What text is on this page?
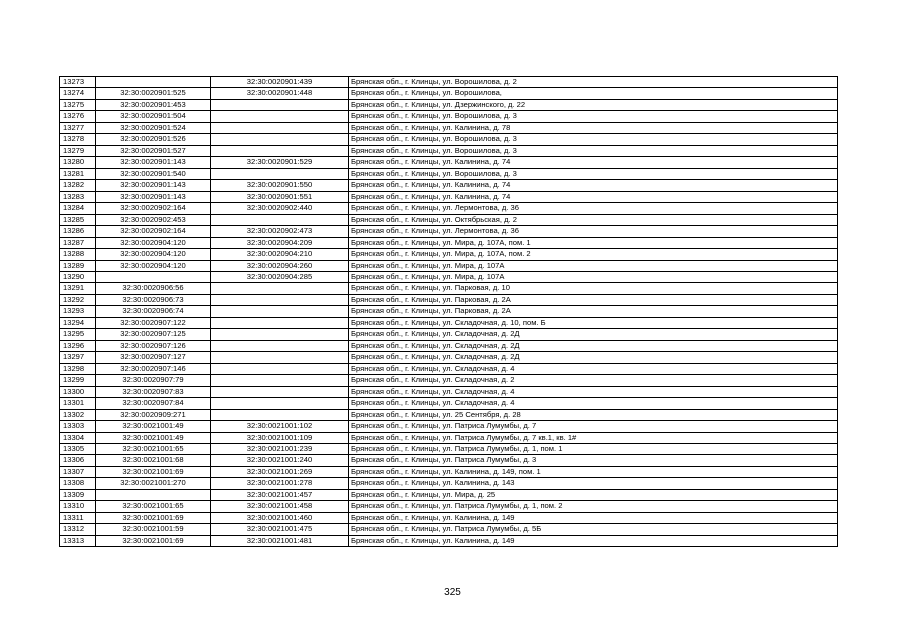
13273		32:30:0020901:439	Брянская обл., г. Клинцы, ул. Ворошилова, д. 2
13274	32:30:0020901:525	32:30:0020901:448	Брянская обл., г. Клинцы, ул. Ворошилова,
13275	32:30:0020901:453		Брянская обл., г. Клинцы, ул. Дзержинского, д. 22
13276	32:30:0020901:504		Брянская обл., г. Клинцы, ул. Ворошилова, д. 3
13277	32:30:0020901:524		Брянская обл., г. Клинцы, ул. Калинина, д. 78
13278	32:30:0020901:526		Брянская обл., г. Клинцы, ул. Ворошилова, д. 3
13279	32:30:0020901:527		Брянская обл., г. Клинцы, ул. Ворошилова, д. 3
13280	32:30:0020901:143	32:30:0020901:529	Брянская обл., г. Клинцы, ул. Калинина, д. 74
13281	32:30:0020901:540		Брянская обл., г. Клинцы, ул. Ворошилова, д. 3
13282	32:30:0020901:143	32:30:0020901:550	Брянская обл., г. Клинцы, ул. Калинина, д. 74
13283	32:30:0020901:143	32:30:0020901:551	Брянская обл., г. Клинцы, ул. Калинина, д. 74
13284	32:30:0020902:164	32:30:0020902:440	Брянская обл., г. Клинцы, ул. Лермонтова, д. 36
13285	32:30:0020902:453		Брянская обл., г. Клинцы, ул. Октябрьская, д. 2
13286	32:30:0020902:164	32:30:0020902:473	Брянская обл., г. Клинцы, ул. Лермонтова, д. 36
13287	32:30:0020904:120	32:30:0020904:209	Брянская обл., г. Клинцы, ул. Мира, д. 107А, пом. 1
13288	32:30:0020904:120	32:30:0020904:210	Брянская обл., г. Клинцы, ул. Мира, д. 107А, пом. 2
13289	32:30:0020904:120	32:30:0020904:260	Брянская обл., г. Клинцы, ул. Мира, д. 107А
13290		32:30:0020904:285	Брянская обл., г. Клинцы, ул. Мира, д. 107А
13291	32:30:0020906:56		Брянская обл., г. Клинцы, ул. Парковая, д. 10
13292	32:30:0020906:73		Брянская обл., г. Клинцы, ул. Парковая, д. 2А
13293	32:30:0020906:74		Брянская обл., г. Клинцы, ул. Парковая, д. 2А
13294	32:30:0020907:122		Брянская обл., г. Клинцы, ул. Складочная, д. 10, пом. Б
13295	32:30:0020907:125		Брянская обл., г. Клинцы, ул. Складочная, д. 2Д
13296	32:30:0020907:126		Брянская обл., г. Клинцы, ул. Складочная, д. 2Д
13297	32:30:0020907:127		Брянская обл., г. Клинцы, ул. Складочная, д. 2Д
13298	32:30:0020907:146		Брянская обл., г. Клинцы, ул. Складочная, д. 4
13299	32:30:0020907:79		Брянская обл., г. Клинцы, ул. Складочная, д. 2
13300	32:30:0020907:83		Брянская обл., г. Клинцы, ул. Складочная, д. 4
13301	32:30:0020907:84		Брянская обл., г. Клинцы, ул. Складочная, д. 4
13302	32:30:0020909:271		Брянская обл., г. Клинцы, ул. 25 Сентября, д. 28
13303	32:30:0021001:49	32:30:0021001:102	Брянская обл., г. Клинцы, ул. Патриса Лумумбы, д. 7
13304	32:30:0021001:49	32:30:0021001:109	Брянская обл., г. Клинцы, ул. Патриса Лумумбы, д. 7 кв.1, кв. 1#
13305	32:30:0021001:65	32:30:0021001:239	Брянская обл., г. Клинцы, ул. Патриса Лумумбы, д. 1, пом. 1
13306	32:30:0021001:68	32:30:0021001:240	Брянская обл., г. Клинцы, ул. Патриса Лумумбы, д. 3
13307	32:30:0021001:69	32:30:0021001:269	Брянская обл., г. Клинцы, ул. Калинина, д. 149, пом. 1
13308	32:30:0021001:270	32:30:0021001:278	Брянская обл., г. Клинцы, ул. Калинина, д. 143
13309		32:30:0021001:457	Брянская обл., г. Клинцы, ул. Мира, д. 25
13310	32:30:0021001:65	32:30:0021001:458	Брянская обл., г. Клинцы, ул. Патриса Лумумбы, д. 1, пом. 2
13311	32:30:0021001:69	32:30:0021001:460	Брянская обл., г. Клинцы, ул. Калинина, д. 149
13312	32:30:0021001:59	32:30:0021001:475	Брянская обл., г. Клинцы, ул. Патриса Лумумбы, д. 5Б
13313	32:30:0021001:69	32:30:0021001:481	Брянская обл., г. Клинцы, ул. Калинина, д. 149
325
